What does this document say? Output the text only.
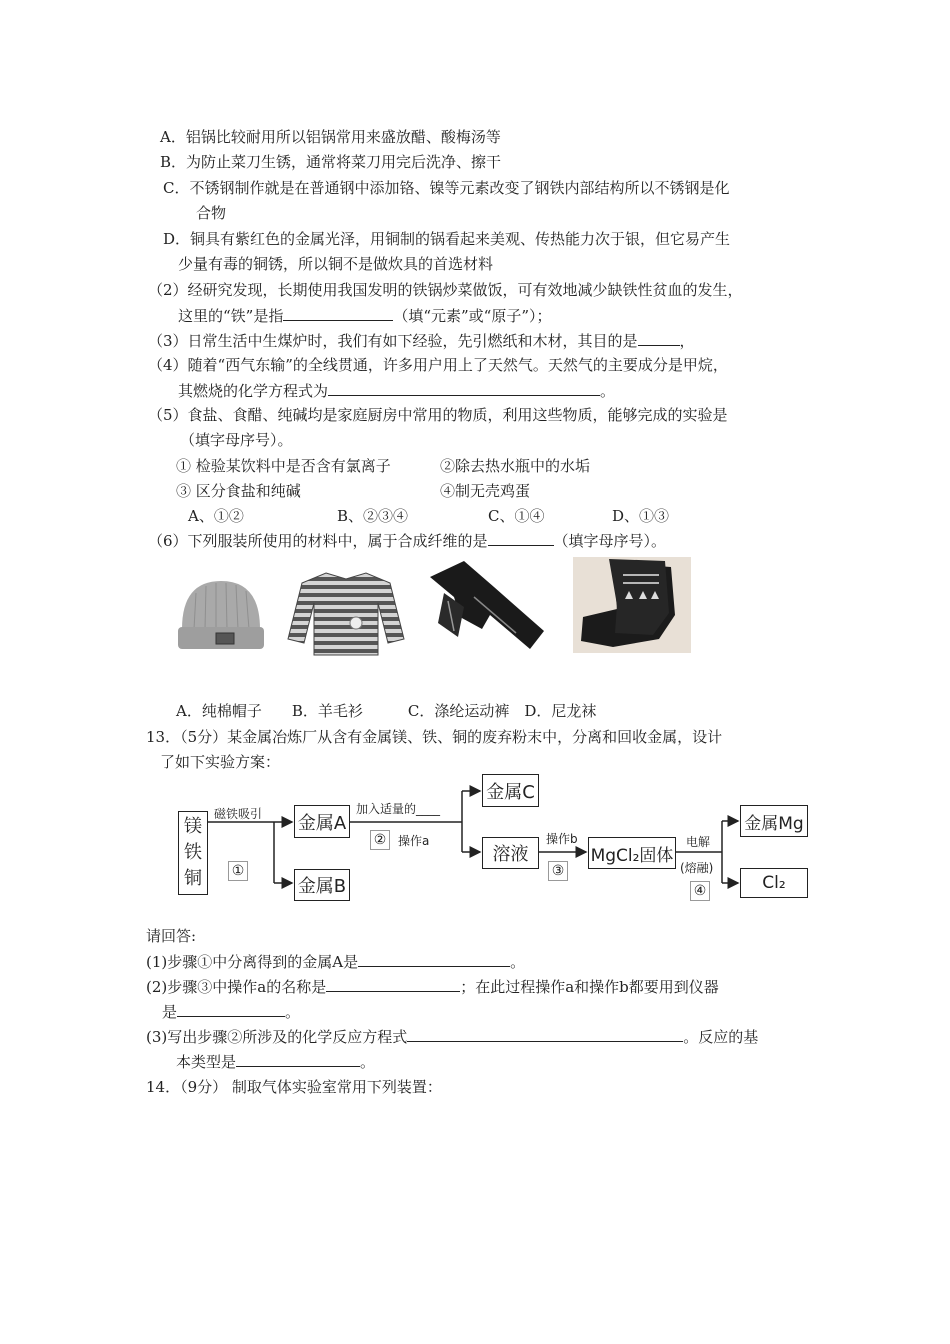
A．铝锅比较耐用所以铝锅常用来盛放醋、酸梅汤等
B．为防止菜刀生锈，通常将菜刀用完后洗净、擦干
C．不锈钢制作就是在普通钢中添加铬、镍等元素改变了钢铁内部结构所以不锈钢是化
合物
D．铜具有紫红色的金属光泽，用铜制的锅看起来美观、传热能力次于银，但它易产生
少量有毒的铜锈，所以铜不是做炊具的首选材料
（2）经研究发现，长期使用我国发明的铁锅炒菜做饭，可有效地减少缺铁性贫血的发生，
这里的“铁”是指	（填“元素”或“原子”）；
（3）日常生活中生煤炉时，我们有如下经验，先引燃纸和木材，其目的是	，
（4）随着“西气东输”的全线贯通，许多用户用上了天然气。天然气的主要成分是甲烷，
其燃烧的化学方程式为	。
（5）食盐、食醋、纯碱均是家庭厨房中常用的物质，利用这些物质，能够完成的实验是
（填字母序号）。
① 检验某饮料中是否含有氯离子	②除去热水瓶中的水垢
③ 区分食盐和纯碱	④制无壳鸡蛋
A、①②	B、②③④	C、①④	D、①③
（6）下列服装所使用的材料中，属于合成纤维的是	（填字母序号）。
A．纯棉帽子　　B．羊毛衫　　　C．涤纶运动裤　D．尼龙袜
13．（5分）某金属冶炼厂从含有金属镁、铁、铜的废弃粉末中，分离和回收金属，设计
了如下实验方案：
镁
铁
铜
金属A
金属B
金属C
溶液	MgCl₂固体
金属Mg
Cl₂
磁铁吸引
①
加入适量的____
② 操作a	操作b
③
电解
(熔融)
④
请回答:
(1)步骤①中分离得到的金属A是	。
(2)步骤③中操作a的名称是	；在此过程操作a和操作b都要用到仪器
是	。
(3)写出步骤②所涉及的化学反应方程式	。反应的基
本类型是	。
14．（9分） 制取气体实验室常用下列装置：
